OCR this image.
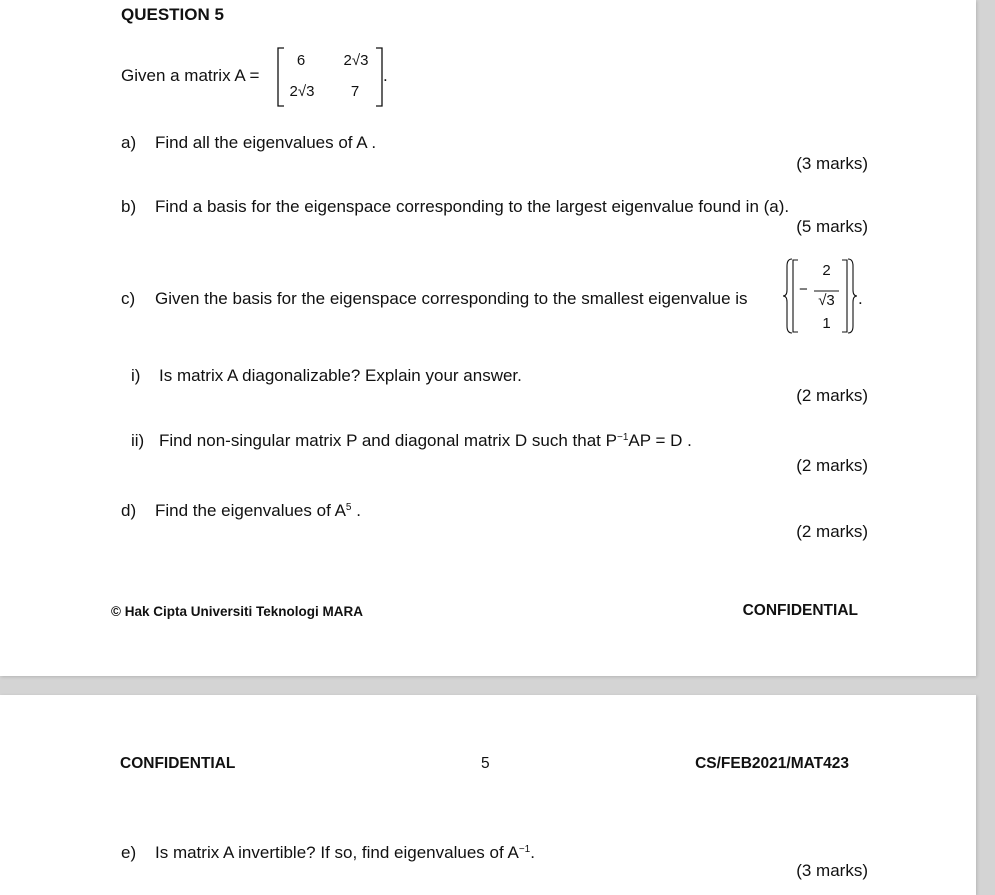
QUESTION 5
Given a matrix A =
6	2√3
2√3	7
.
a) Find all the eigenvalues of A .
(3 marks)
b) Find a basis for the eigenspace corresponding to the largest eigenvalue found in (a).
(5 marks)
c) Given the basis for the eigenspace corresponding to the smallest eigenvalue is	−
2
√3
1
.
i) Is matrix A diagonalizable? Explain your answer.
(2 marks)
ii) Find non-singular matrix P and diagonal matrix D such that $P^{-1}AP = D$ .
(2 marks)
d) Find the eigenvalues of $A^5$ .
(2 marks)
© Hak Cipta Universiti Teknologi MARA	CONFIDENTIAL
CONFIDENTIAL	5	CS/FEB2021/MAT423
e) Is matrix A invertible? If so, find eigenvalues of $A^{-1}$.
(3 marks)
